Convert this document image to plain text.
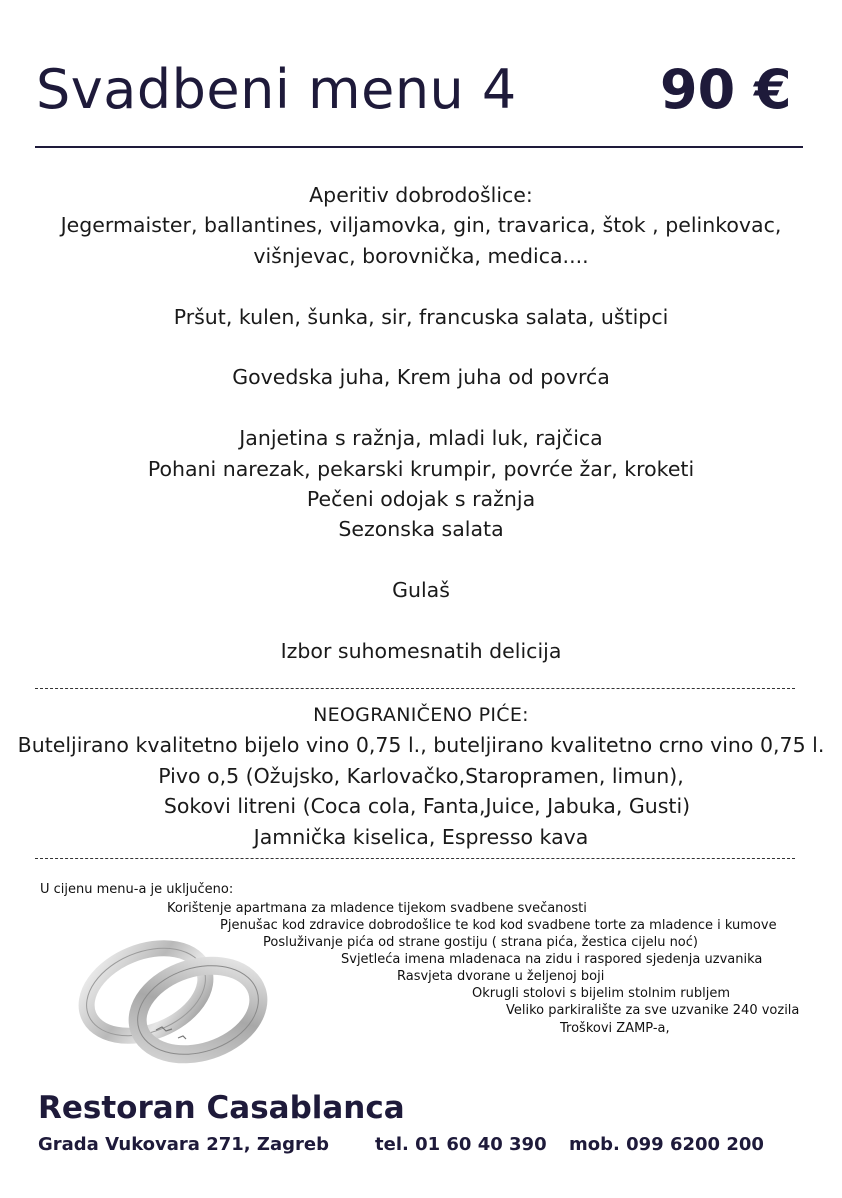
Svadbeni menu 4	90 €
Aperitiv dobrodošlice:
Jegermaister, ballantines, viljamovka, gin, travarica, štok , pelinkovac,
višnjevac, borovnička, medica....
Pršut, kulen, šunka, sir, francuska salata, uštipci
Govedska juha, Krem juha od povrća
Janjetina s ražnja, mladi luk, rajčica
Pohani narezak, pekarski krumpir, povrće žar, kroketi
Pečeni odojak s ražnja
Sezonska salata
Gulaš
Izbor suhomesnatih delicija
NEOGRANIČENO PIĆE:
Buteljirano kvalitetno bijelo vino 0,75 l., buteljirano kvalitetno crno vino 0,75 l.
Pivo o,5 (Ožujsko, Karlovačko,Staropramen, limun),
Sokovi litreni (Coca cola, Fanta,Juice, Jabuka, Gusti)
Jamnička kiselica, Espresso kava
U cijenu menu-a je uključeno:
Korištenje apartmana za mladence tijekom svadbene svečanosti
Pjenušac kod zdravice dobrodošlice te kod kod svadbene torte za mladence i kumove
Posluživanje pića od strane gostiju ( strana pića, žestica cijelu noć)
Svjetleća imena mladenaca na zidu i raspored sjedenja uzvanika
Rasvjeta dvorane u željenoj boji
Okrugli stolovi s bijelim stolnim rubljem
Veliko parkiralište za sve uzvanike 240 vozila
Troškovi ZAMP-a,
Restoran Casablanca
Grada Vukovara 271, Zagreb	tel. 01 60 40 390 mob. 099 6200 200
